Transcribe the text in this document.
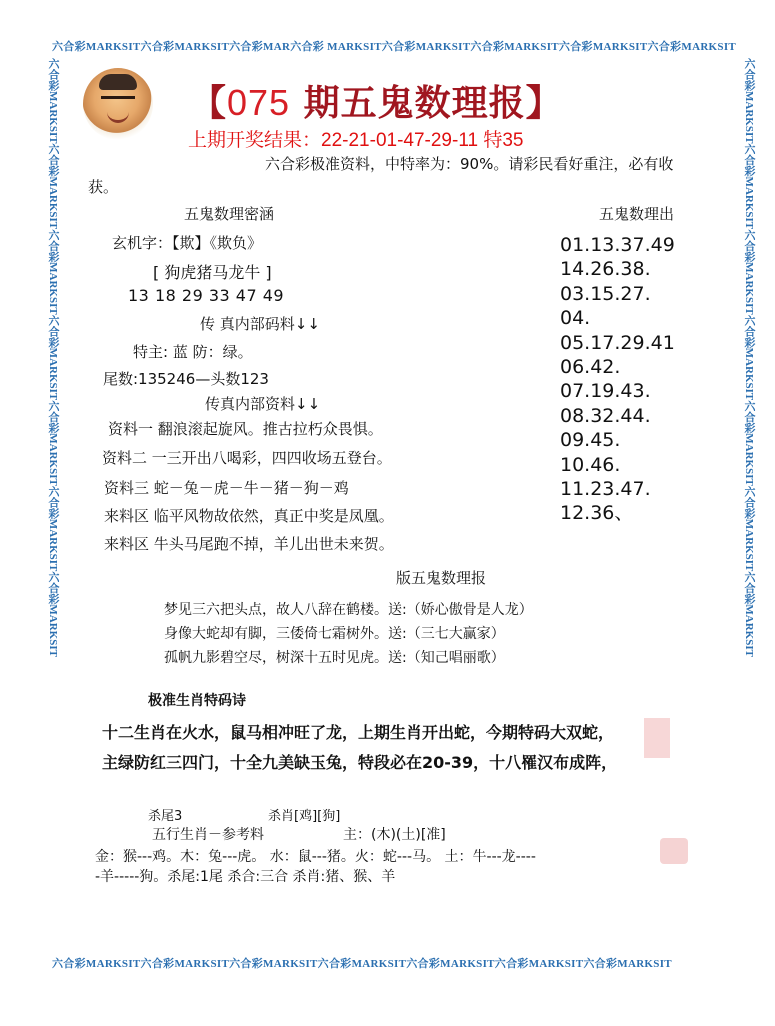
六合彩MARKSIT六合彩MARKSIT六合彩MAR六合彩 MARKSIT六合彩MARKSIT六合彩MARKSIT六合彩MARKSIT六合彩MARKSIT
六合彩MARKSIT六合彩MARKSIT六合彩MARKSIT六合彩MARKSIT六合彩MARKSIT六合彩MARKSIT六合彩MARKSIT
六合彩MARKSIT六合彩MARKSIT六合彩MARKSIT六合彩MARKSIT六合彩MARKSIT六合彩MARKSIT六合彩MARKSIT	六合彩MARKSIT六合彩MARKSIT六合彩MARKSIT六合彩MARKSIT六合彩MARKSIT六合彩MARKSIT六合彩MARKSIT
【075 期五鬼数理报】
上期开奖结果：22-21-01-47-29-11 特35
六合彩极准资料，中特率为：90%。请彩民看好重注，必有收
获。
五鬼数理密涵
玄机字：【欺】《欺负》
[ 狗虎猪马龙牛 ]
13 18 29 33 47 49
传 真内部码料↓↓
特主: 蓝 防：绿。
尾数:135246—头数123
传真内部资料↓↓
资料一 翻浪滚起旋风。推古拉朽众畏惧。
资料二 一三开出八喝彩，四四收场五登台。
资料三 蛇－兔－虎－牛－猪－狗－鸡
来料区 临平风物故依然，真正中奖是凤凰。
来料区 牛头马尾跑不掉，羊儿出世未来贺。
五鬼数理出
01.13.37.49
14.26.38.
03.15.27.
04.
05.17.29.41
06.42.
07.19.43.
08.32.44.
09.45.
10.46.
11.23.47.
12.36、
版五鬼数理报
梦见三六把头点，故人八辞在鹤楼。送:（娇心傲骨是人龙）
身像大蛇却有脚，三倭倚七霜树外。送:（三七大赢家）
孤帆九影碧空尽，树深十五时见虎。送:（知己唱丽歌）
极准生肖特码诗
十二生肖在火水，鼠马相冲旺了龙，上期生肖开出蛇，今期特码大双蛇，
主绿防红三四门，十全九美缺玉兔，特段必在20-39，十八罹汉布成阵，
杀尾3	杀肖[鸡][狗]
五行生肖－参考料	主：(木)(土)[准]
金：猴---鸡。木：兔---虎。 水：鼠---猪。火：蛇---马。 土：牛---龙----
-羊-----狗。杀尾:1尾 杀合:三合 杀肖:猪、猴、羊
